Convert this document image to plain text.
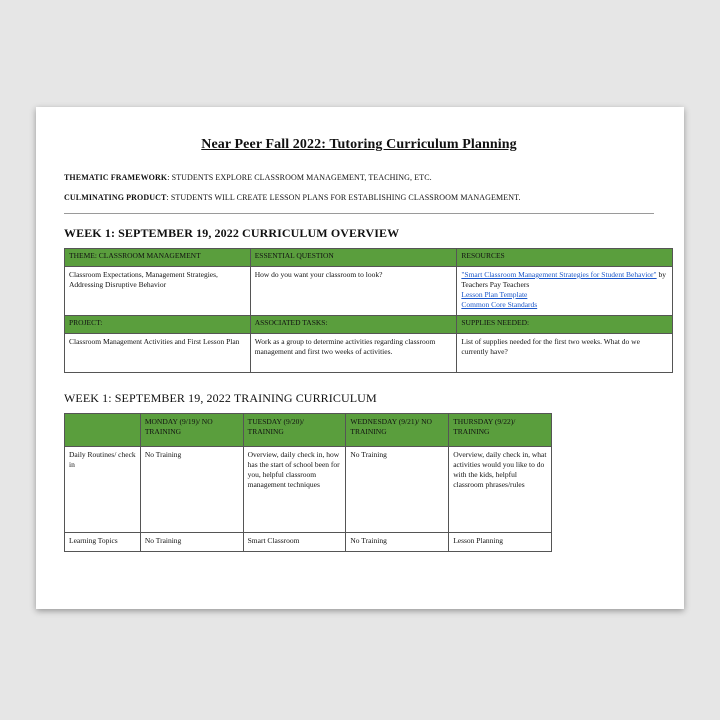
Near Peer Fall 2022: Tutoring Curriculum Planning
THEMATIC FRAMEWORK: STUDENTS EXPLORE CLASSROOM MANAGEMENT, TEACHING, ETC.
CULMINATING PRODUCT: STUDENTS WILL CREATE LESSON PLANS FOR ESTABLISHING CLASSROOM MANAGEMENT.
WEEK 1: SEPTEMBER 19, 2022 CURRICULUM OVERVIEW
THEME: CLASSROOM MANAGEMENT	ESSENTIAL QUESTION	RESOURCES
Classroom Expectations, Management Strategies, Addressing Disruptive Behavior	How do you want your classroom to look?	"Smart Classroom Management Strategies for Student Behavior" by Teachers Pay Teachers
Lesson Plan Template
Common Core Standards
PROJECT:	ASSOCIATED TASKS:	SUPPLIES NEEDED:
Classroom Management Activities and First Lesson Plan	Work as a group to determine activities regarding classroom management and first two weeks of activities.	List of supplies needed for the first two weeks. What do we currently have?
WEEK 1: SEPTEMBER 19, 2022 TRAINING CURRICULUM
	MONDAY (9/19)/ NO TRAINING	TUESDAY (9/20)/ TRAINING	WEDNESDAY (9/21)/ NO TRAINING	THURSDAY (9/22)/ TRAINING
Daily Routines/ check in	No Training	Overview, daily check in, how has the start of school been for you, helpful classroom management techniques	No Training	Overview, daily check in, what activities would you like to do with the kids, helpful classroom phrases/rules
Learning Topics	No Training	Smart Classroom	No Training	Lesson Planning
